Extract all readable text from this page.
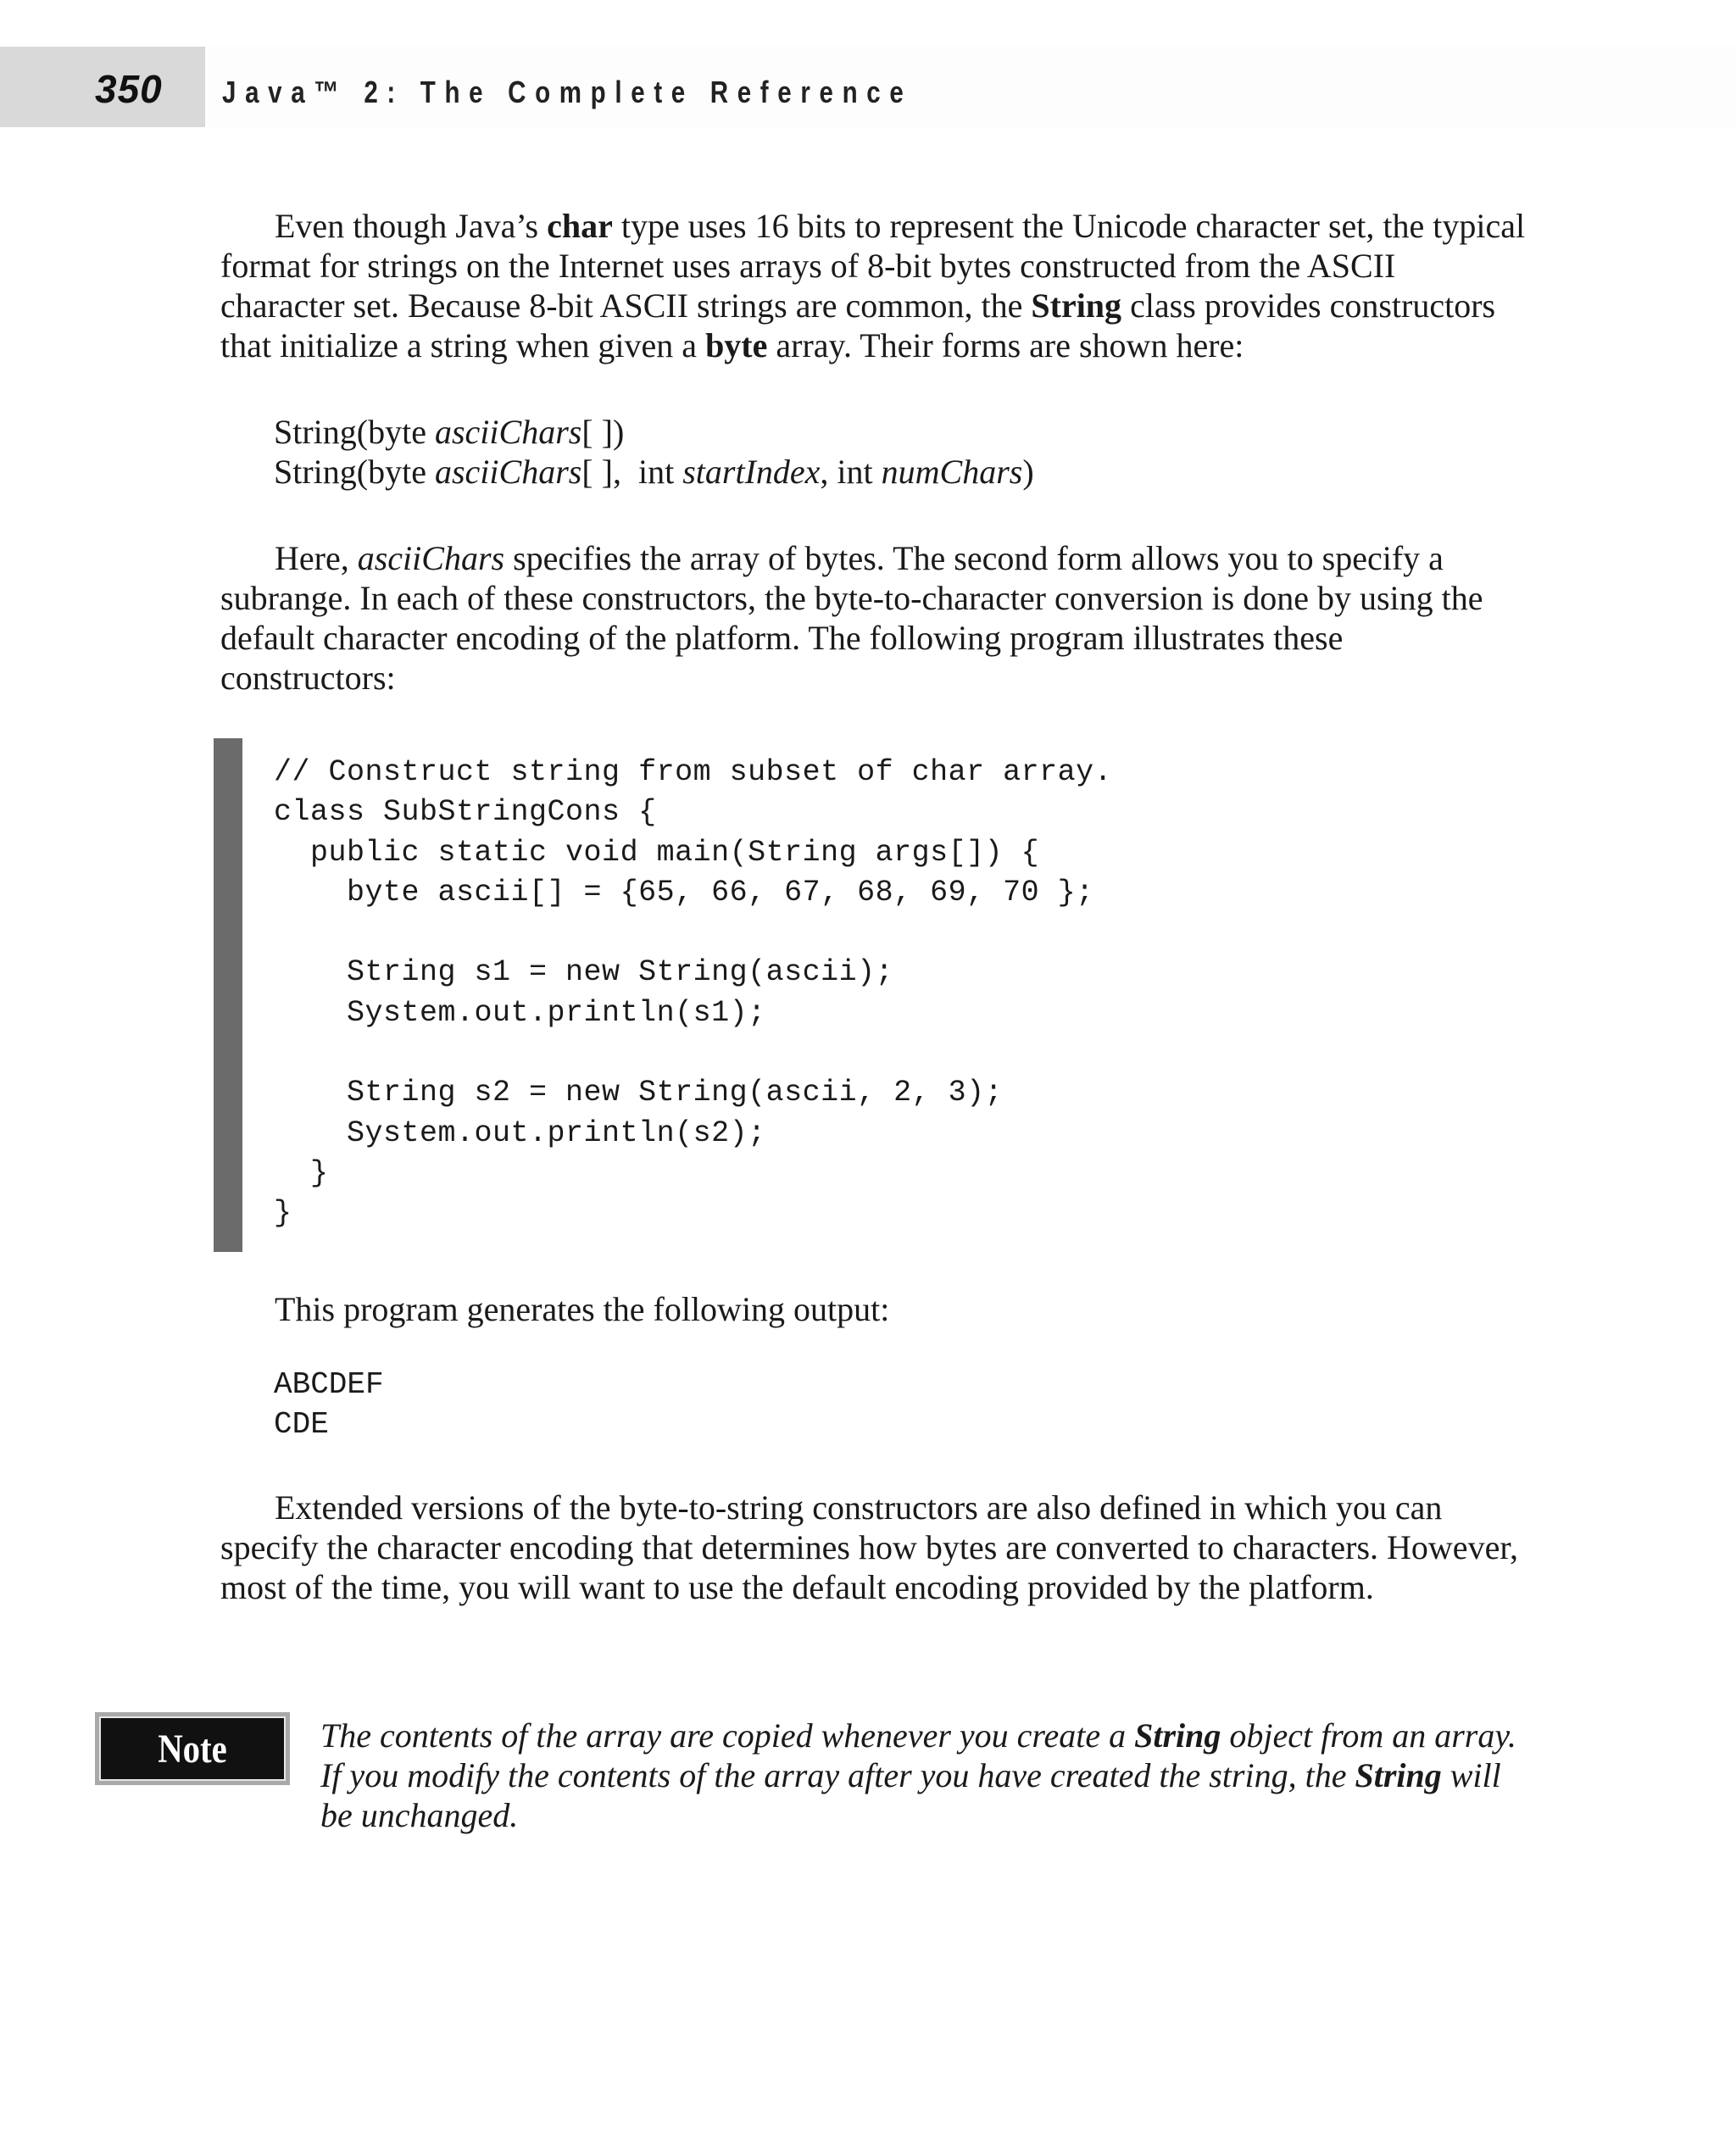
350 Java™ 2: The Complete Reference

Even though Java’s char type uses 16 bits to represent the Unicode character set, the typical format for strings on the Internet uses arrays of 8-bit bytes constructed from the ASCII character set. Because 8-bit ASCII strings are common, the String class provides constructors that initialize a string when given a byte array. Their forms are shown here:

String(byte asciiChars[ ])

String(byte asciiChars[ ],  int startIndex, int numChars)

Here, asciiChars specifies the array of bytes. The second form allows you to specify a subrange. In each of these constructors, the byte-to-character conversion is done by using the default character encoding of the platform. The following program illustrates these constructors:

// Construct string from subset of char array.
class SubStringCons {
public static void main(String args[]) {
byte ascii[] = {65, 66, 67, 68, 69, 70 };

String s1 = new String(ascii);
System.out.println(s1);

String s2 = new String(ascii, 2, 3);
System.out.println(s2);
}
}

This program generates the following output:

ABCDEF
CDE

Extended versions of the byte-to-string constructors are also defined in which you can specify the character encoding that determines how bytes are converted to characters. However, most of the time, you will want to use the default encoding provided by the platform.

Note	The contents of the array are copied whenever you create a String object from an array. If you modify the contents of the array after you have created the string, the String will be unchanged.
